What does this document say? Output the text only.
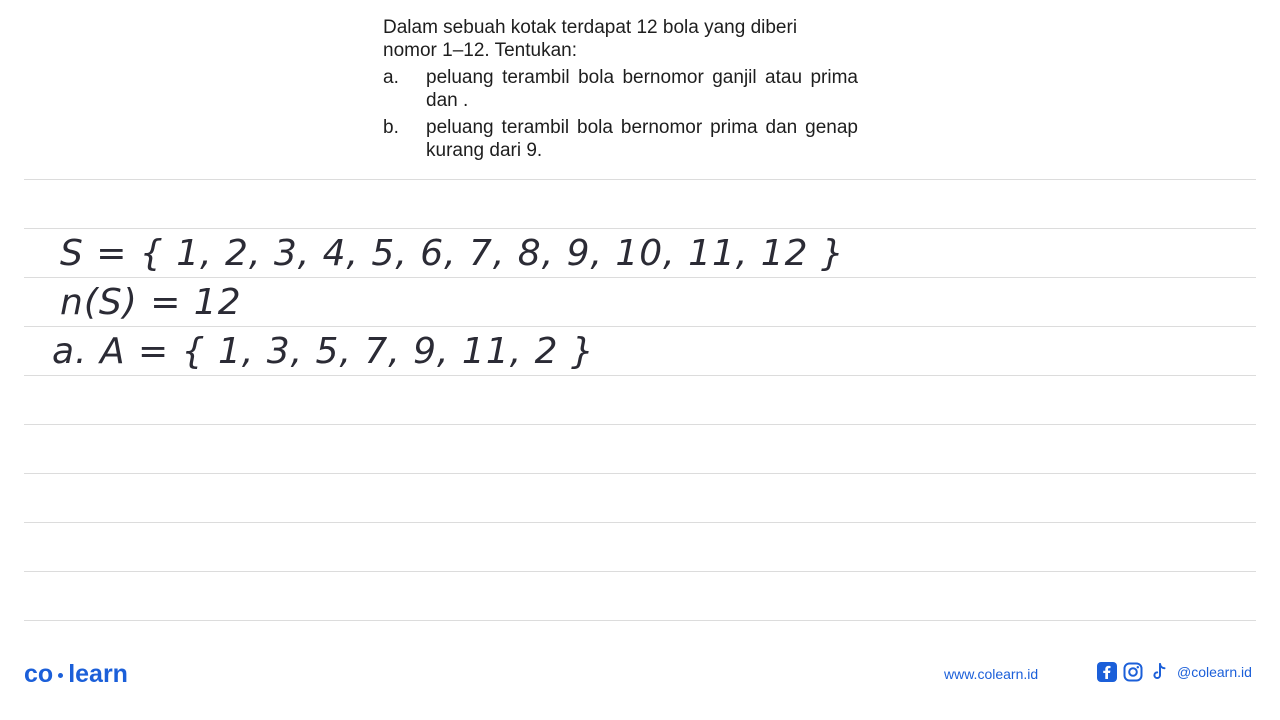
Dalam sebuah kotak terdapat 12 bola yang diberi
nomor 1–12. Tentukan:
a.	peluang terambil bola bernomor ganjil atau prima dan .
b.	peluang terambil bola bernomor prima dan genap kurang dari 9.
S = { 1, 2, 3, 4, 5, 6, 7, 8, 9, 10, 11, 12 }
n(S) = 12
a. A = { 1, 3, 5, 7, 9, 11, 2 }
co learn	www.colearn.id	@colearn.id
